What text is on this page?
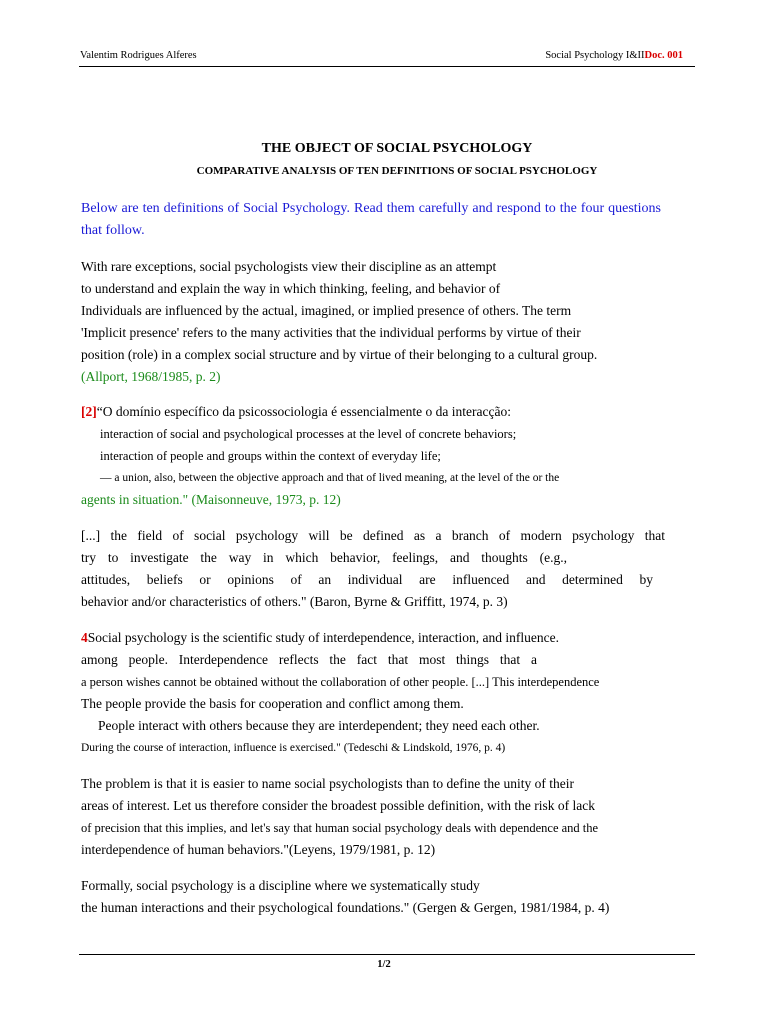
Valentim Rodrigues Alferes	Social Psychology I&IIDoc. 001
THE OBJECT OF SOCIAL PSYCHOLOGY
COMPARATIVE ANALYSIS OF TEN DEFINITIONS OF SOCIAL PSYCHOLOGY
Below are ten definitions of Social Psychology. Read them carefully and respond to the four questions that follow.
With rare exceptions, social psychologists view their discipline as an attempt
to understand and explain the way in which thinking, feeling, and behavior of
Individuals are influenced by the actual, imagined, or implied presence of others. The term
'Implicit presence' refers to the many activities that the individual performs by virtue of their
position (role) in a complex social structure and by virtue of their belonging to a cultural group.
(Allport, 1968/1985, p. 2)
[2]“O domínio específico da psicossociologia é essencialmente o da interacção:
interaction of social and psychological processes at the level of concrete behaviors;
interaction of people and groups within the context of everyday life;
— a union, also, between the objective approach and that of lived meaning, at the level of the or the
agents in situation." (Maisonneuve, 1973, p. 12)
[...] the field of social psychology will be defined as a branch of modern psychology that
try to investigate the way in which behavior, feelings, and thoughts (e.g.,
attitudes, beliefs or opinions of an individual are influenced and determined by
behavior and/or characteristics of others." (Baron, Byrne & Griffitt, 1974, p. 3)
4Social psychology is the scientific study of interdependence, interaction, and influence.
among people. Interdependence reflects the fact that most things that a
a person wishes cannot be obtained without the collaboration of other people. [...] This interdependence
The people provide the basis for cooperation and conflict among them.
People interact with others because they are interdependent; they need each other.
During the course of interaction, influence is exercised." (Tedeschi & Lindskold, 1976, p. 4)
The problem is that it is easier to name social psychologists than to define the unity of their
areas of interest. Let us therefore consider the broadest possible definition, with the risk of lack
of precision that this implies, and let's say that human social psychology deals with dependence and the
interdependence of human behaviors."(Leyens, 1979/1981, p. 12)
Formally, social psychology is a discipline where we systematically study
the human interactions and their psychological foundations." (Gergen & Gergen, 1981/1984, p. 4)
1/2
